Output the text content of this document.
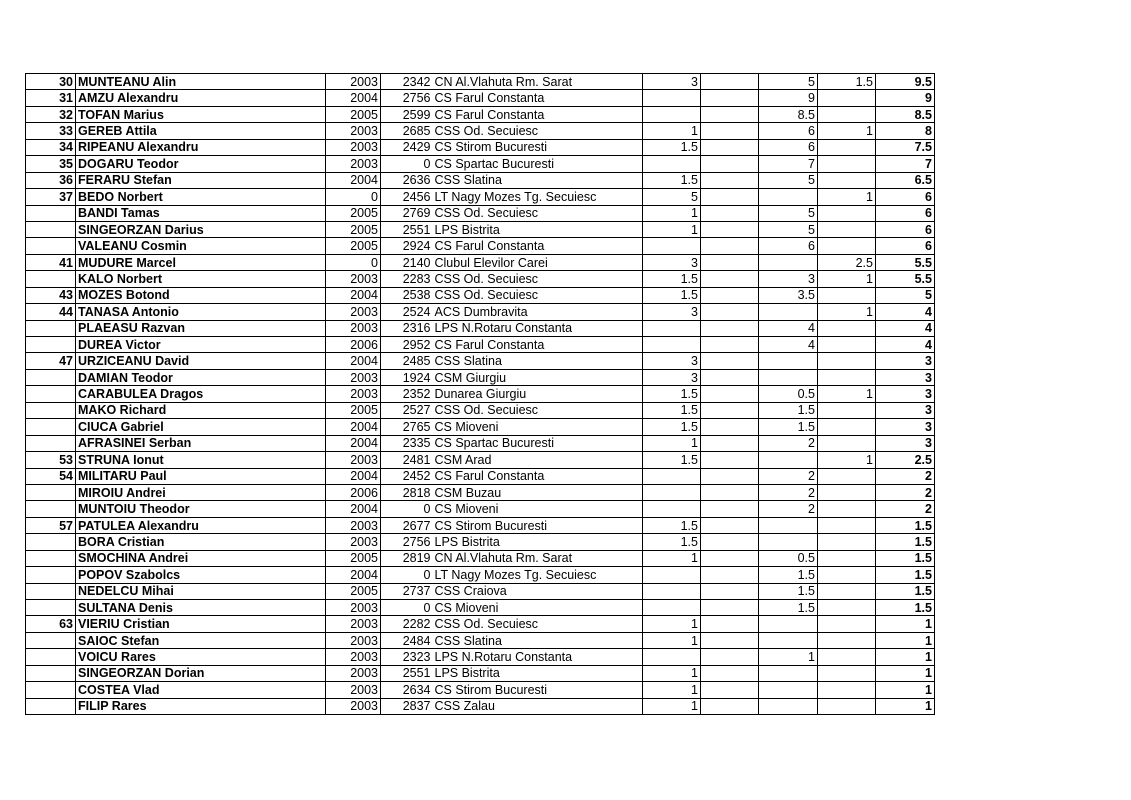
30	MUNTEANU Alin	2003	2342	CN Al.Vlahuta Rm. Sarat	3		5	1.5	9.5
31	AMZU Alexandru	2004	2756	CS Farul Constanta			9		9
32	TOFAN Marius	2005	2599	CS Farul Constanta			8.5		8.5
33	GEREB Attila	2003	2685	CSS Od. Secuiesc	1		6	1	8
34	RIPEANU Alexandru	2003	2429	CS Stirom Bucuresti	1.5		6		7.5
35	DOGARU Teodor	2003	0	CS Spartac Bucuresti			7		7
36	FERARU Stefan	2004	2636	CSS Slatina	1.5		5		6.5
37	BEDO Norbert	0	2456	LT Nagy Mozes Tg. Secuiesc	5			1	6
	BANDI Tamas	2005	2769	CSS Od. Secuiesc	1		5		6
	SINGEORZAN Darius	2005	2551	LPS Bistrita	1		5		6
	VALEANU Cosmin	2005	2924	CS Farul Constanta			6		6
41	MUDURE Marcel	0	2140	Clubul Elevilor Carei	3			2.5	5.5
	KALO Norbert	2003	2283	CSS Od. Secuiesc	1.5		3	1	5.5
43	MOZES Botond	2004	2538	CSS Od. Secuiesc	1.5		3.5		5
44	TANASA Antonio	2003	2524	ACS Dumbravita	3			1	4
	PLAEASU Razvan	2003	2316	LPS N.Rotaru Constanta			4		4
	DUREA Victor	2006	2952	CS Farul Constanta			4		4
47	URZICEANU David	2004	2485	CSS Slatina	3				3
	DAMIAN Teodor	2003	1924	CSM Giurgiu	3				3
	CARABULEA Dragos	2003	2352	Dunarea Giurgiu	1.5		0.5	1	3
	MAKO Richard	2005	2527	CSS Od. Secuiesc	1.5		1.5		3
	CIUCA Gabriel	2004	2765	CS Mioveni	1.5		1.5		3
	AFRASINEI Serban	2004	2335	CS Spartac Bucuresti	1		2		3
53	STRUNA Ionut	2003	2481	CSM Arad	1.5			1	2.5
54	MILITARU Paul	2004	2452	CS Farul Constanta			2		2
	MIROIU Andrei	2006	2818	CSM Buzau			2		2
	MUNTOIU Theodor	2004	0	CS Mioveni			2		2
57	PATULEA Alexandru	2003	2677	CS Stirom Bucuresti	1.5				1.5
	BORA Cristian	2003	2756	LPS Bistrita	1.5				1.5
	SMOCHINA Andrei	2005	2819	CN Al.Vlahuta Rm. Sarat	1		0.5		1.5
	POPOV Szabolcs	2004	0	LT Nagy Mozes Tg. Secuiesc			1.5		1.5
	NEDELCU Mihai	2005	2737	CSS Craiova			1.5		1.5
	SULTANA Denis	2003	0	CS Mioveni			1.5		1.5
63	VIERIU Cristian	2003	2282	CSS Od. Secuiesc	1				1
	SAIOC Stefan	2003	2484	CSS Slatina	1				1
	VOICU Rares	2003	2323	LPS N.Rotaru Constanta			1		1
	SINGEORZAN Dorian	2003	2551	LPS Bistrita	1				1
	COSTEA Vlad	2003	2634	CS Stirom Bucuresti	1				1
	FILIP Rares	2003	2837	CSS Zalau	1				1
